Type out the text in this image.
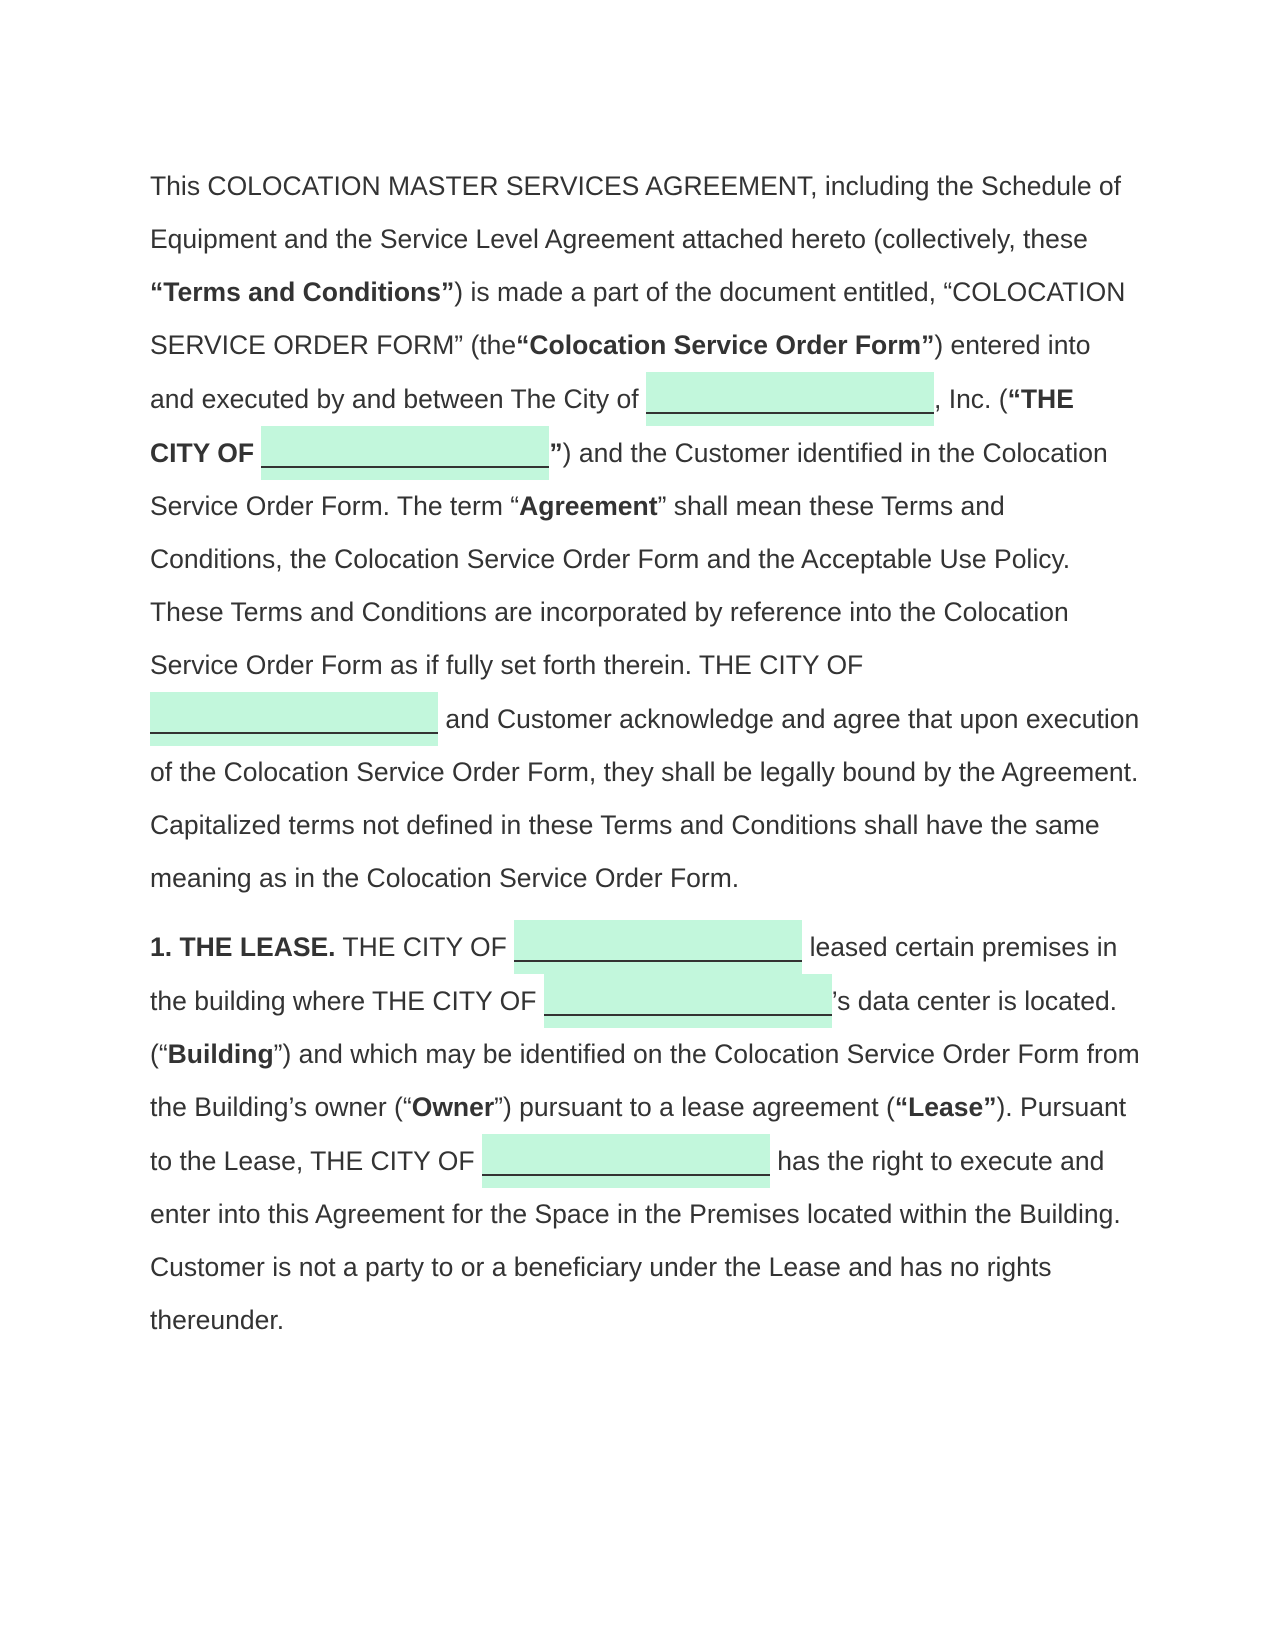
This COLOCATION MASTER SERVICES AGREEMENT, including the Schedule of Equipment and the Service Level Agreement attached hereto (collectively, these “Terms and Conditions”) is made a part of the document entitled, “COLOCATION SERVICE ORDER FORM” (the“Colocation Service Order Form”) entered into and executed by and between The City of	, Inc. (“THE CITY OF	”) and the Customer identified in the Colocation Service Order Form. The term “Agreement” shall mean these Terms and Conditions, the Colocation Service Order Form and the Acceptable Use Policy. These Terms and Conditions are incorporated by reference into the Colocation Service Order Form as if fully set forth therein. THE CITY OF  and Customer acknowledge and agree that upon execution of the Colocation Service Order Form, they shall be legally bound by the Agreement. Capitalized terms not defined in these Terms and Conditions shall have the same meaning as in the Colocation Service Order Form.

1. THE LEASE. THE CITY OF	leased certain premises in the building where THE CITY OF	’s data center is located. (“Building”) and which may be identified on the Colocation Service Order Form from the Building’s owner (“Owner”) pursuant to a lease agreement (“Lease”). Pursuant to the Lease, THE CITY OF	has the right to execute and enter into this Agreement for the Space in the Premises located within the Building. Customer is not a party to or a beneficiary under the Lease and has no rights thereunder.
